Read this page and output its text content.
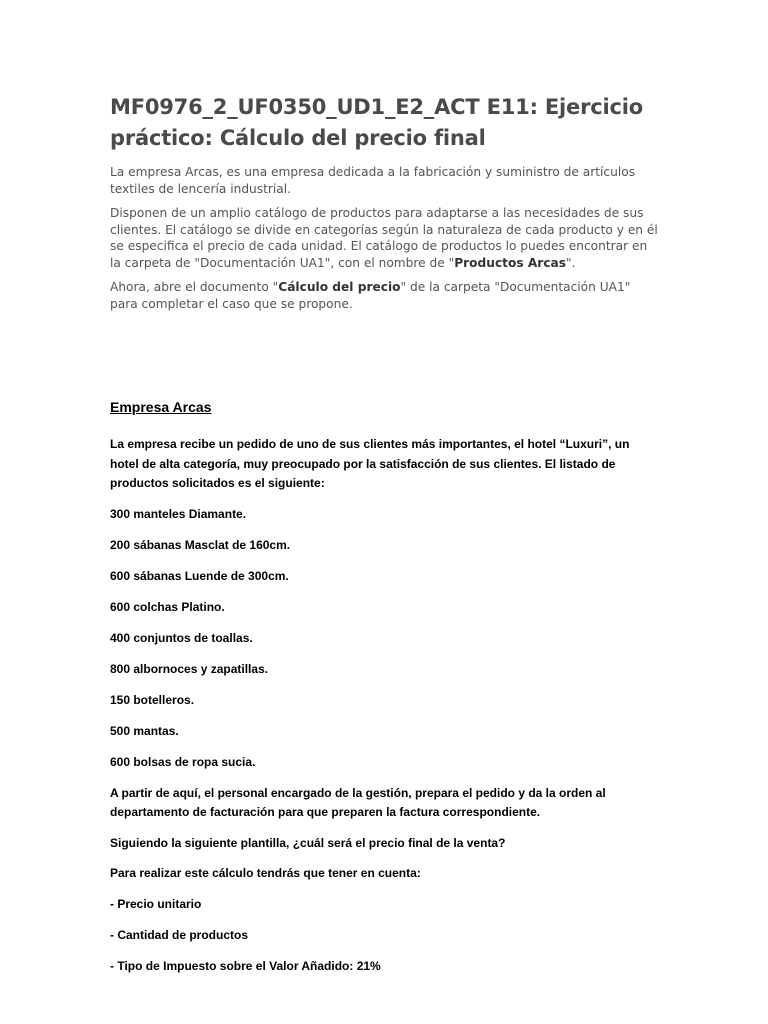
MF0976_2_UF0350_UD1_E2_ACT E11: Ejercicio práctico: Cálculo del precio final

La empresa Arcas, es una empresa dedicada a la fabricación y suministro de artículos textiles de lencería industrial.

Disponen de un amplio catálogo de productos para adaptarse a las necesidades de sus clientes. El catálogo se divide en categorías según la naturaleza de cada producto y en él se especifica el precio de cada unidad. El catálogo de productos lo puedes encontrar en la carpeta de "Documentación UA1", con el nombre de "Productos Arcas".

Ahora, abre el documento "Cálculo del precio" de la carpeta "Documentación UA1" para completar el caso que se propone.

Empresa Arcas

La empresa recibe un pedido de uno de sus clientes más importantes, el hotel “Luxuri”, un hotel de alta categoría, muy preocupado por la satisfacción de sus clientes. El listado de productos solicitados es el siguiente:

300 manteles Diamante.

200 sábanas Masclat de 160cm.

600 sábanas Luende de 300cm.

600 colchas Platino.

400 conjuntos de toallas.

800 albornoces y zapatillas.

150 botelleros.

500 mantas.

600 bolsas de ropa sucia.

A partir de aquí, el personal encargado de la gestión, prepara el pedido y da la orden al departamento de facturación para que preparen la factura correspondiente.

Siguiendo la siguiente plantilla, ¿cuál será el precio final de la venta?

Para realizar este cálculo tendrás que tener en cuenta:

- Precio unitario

- Cantidad de productos

- Tipo de Impuesto sobre el Valor Añadido: 21%
